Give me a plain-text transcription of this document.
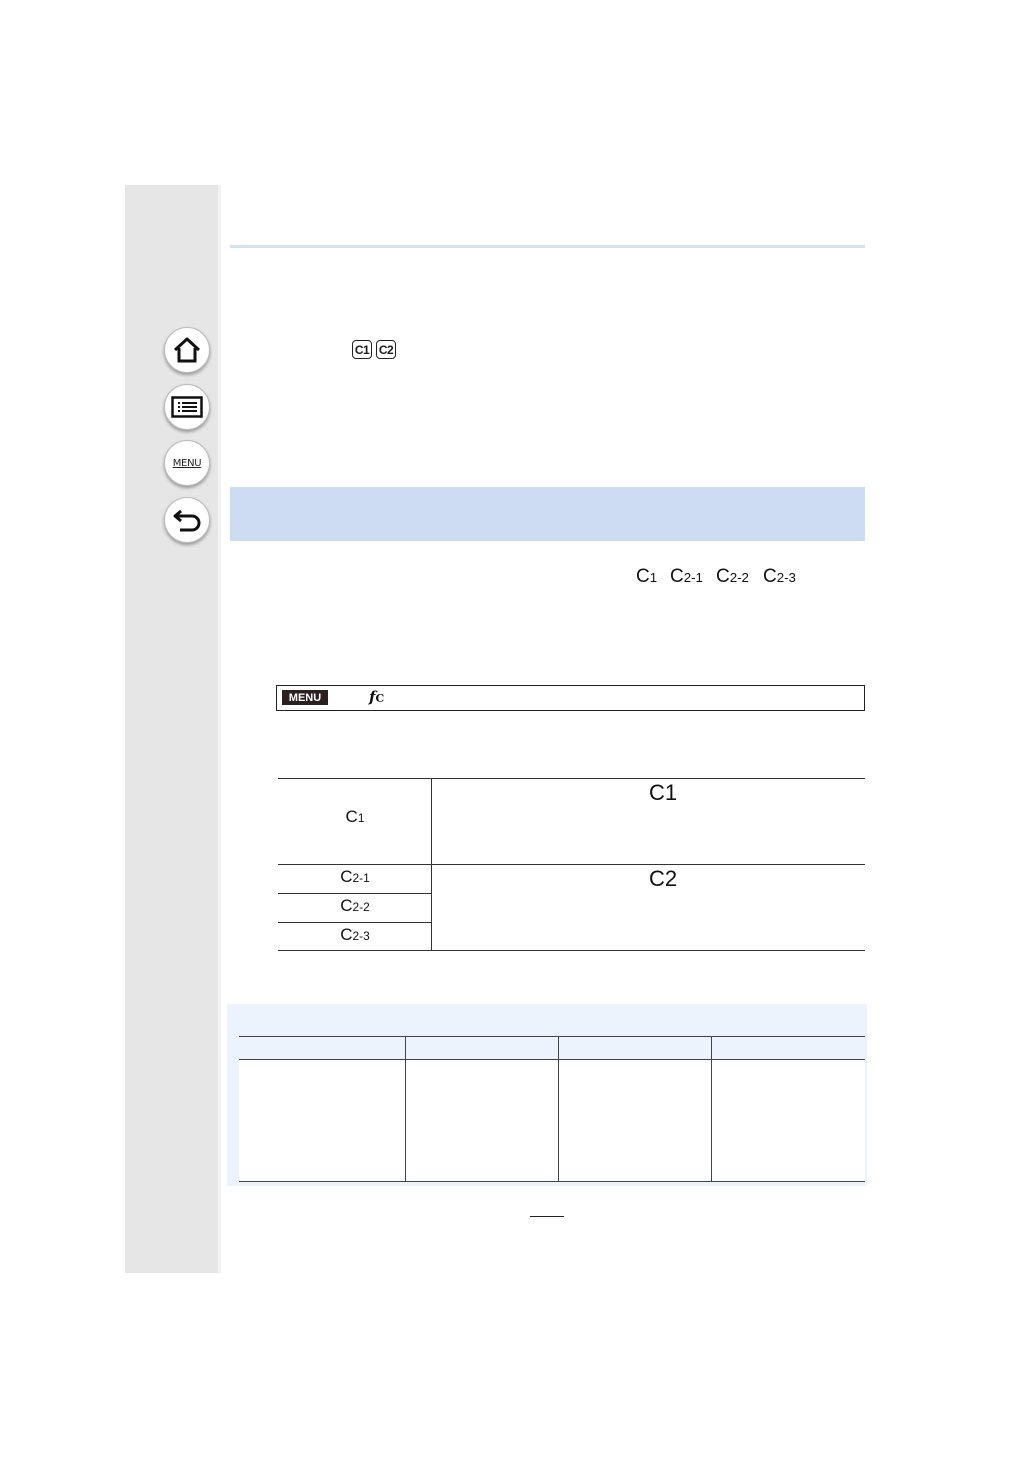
MENU
C1 C2
C1 C2-1 C2-2 C2-3
MENU	fC
C1
C2-1
C2-2
C2-3
C1
C2
